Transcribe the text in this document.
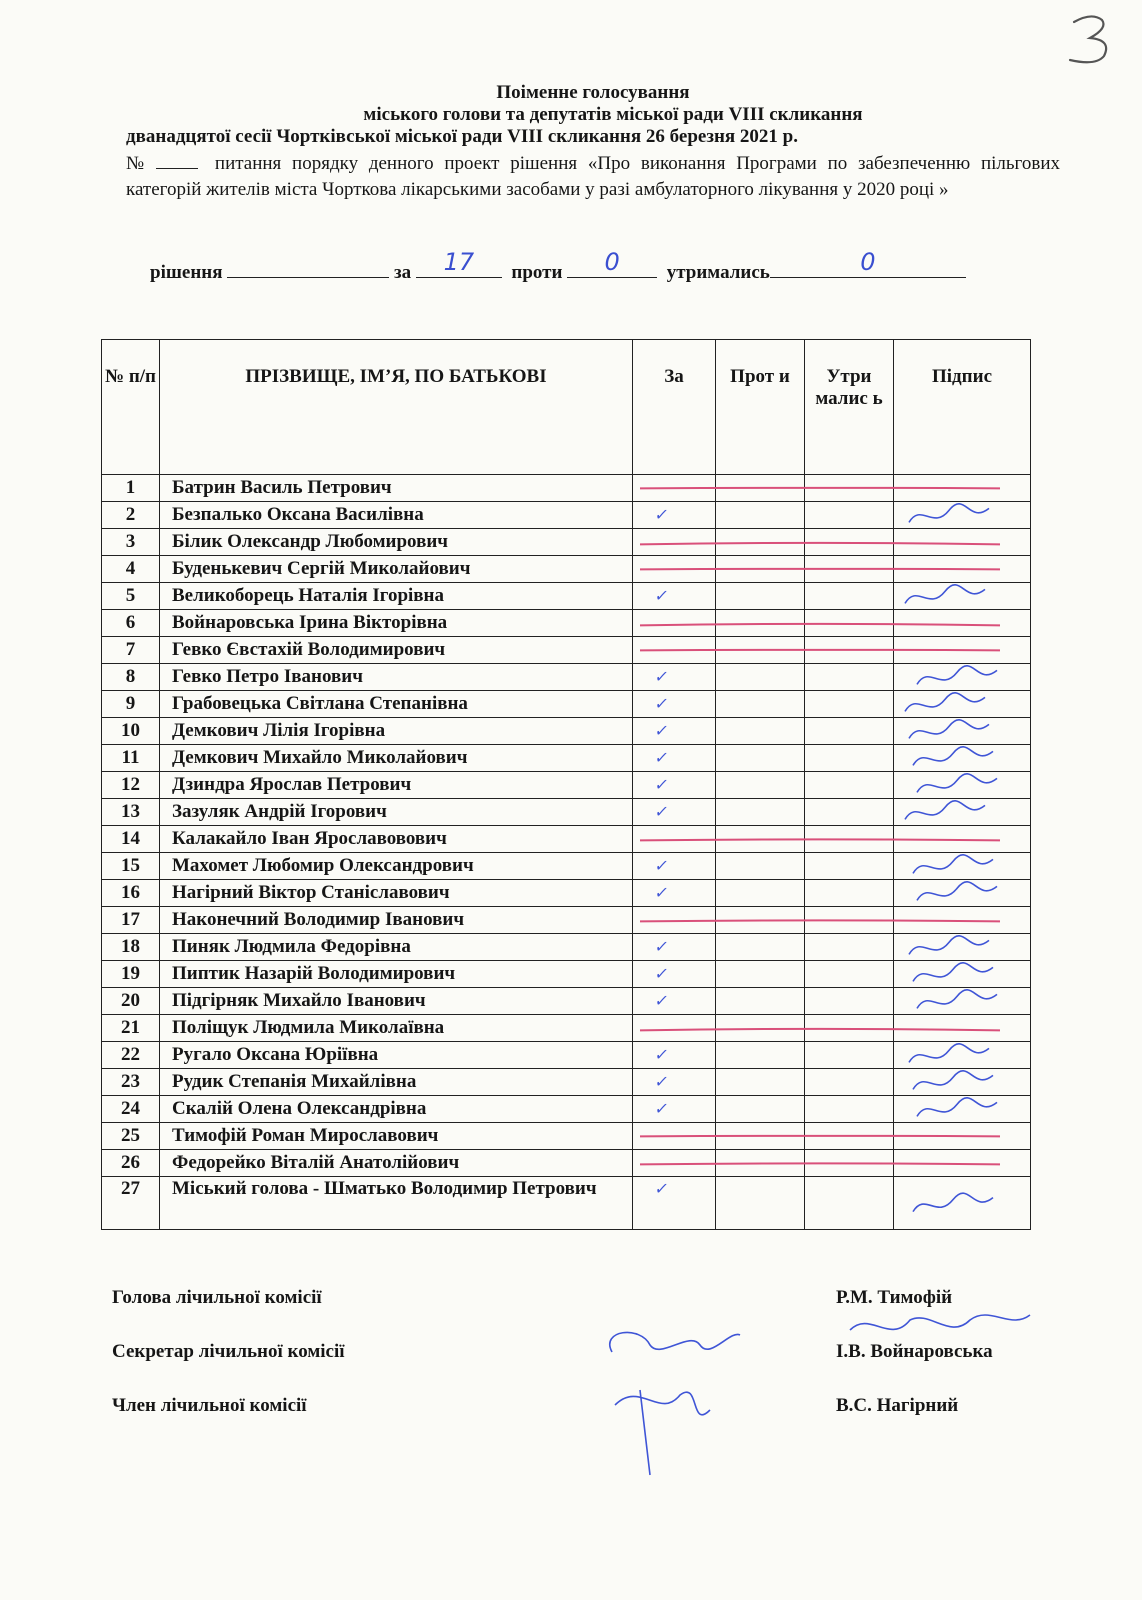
Поіменне голосування
міського голови та депутатів міської ради VIII скликання
дванадцятої сесії Чортківської міської ради VIII скликання 26 березня 2021 р.
№	питання порядку денного проект рішення «Про виконання Програми по забезпеченню пільгових категорій жителів міста Чорткова лікарськими засобами у разі амбулаторного лікування у 2020 році »
рішення	за	17	проти	0	утримались	0
№ п/п	ПРІЗВИЩЕ, ІМ’Я, ПО БАТЬКОВІ	За	Прот и	Утри малис ь	Підпис
1	Батрин Василь Петрович				
2	Безпалько Оксана Василівна	✓			
3	Білик Олександр Любомирович				
4	Буденькевич Сергій Миколайович				
5	Великоборець Наталія Ігорівна	✓			
6	Войнаровська Ірина Вікторівна				
7	Гевко Євстахій Володимирович				
8	Гевко Петро Іванович	✓			
9	Грабовецька Світлана Степанівна	✓			
10	Демкович Лілія Ігорівна	✓			
11	Демкович Михайло Миколайович	✓			
12	Дзиндра Ярослав Петрович	✓			
13	Зазуляк Андрій Ігорович	✓			
14	Калакайло Іван Ярославовович				
15	Махомет Любомир Олександрович	✓			
16	Нагірний Віктор Станіславович	✓			
17	Наконечний Володимир Іванович				
18	Пиняк Людмила Федорівна	✓			
19	Пиптик Назарій Володимирович	✓			
20	Підгірняк Михайло Іванович	✓			
21	Поліщук Людмила Миколаївна				
22	Ругало Оксана Юріївна	✓			
23	Рудик Степанія Михайлівна	✓			
24	Скалій Олена Олександрівна	✓			
25	Тимофій Роман Мирославович				
26	Федорейко Віталій Анатолійович				
27	Міський голова - Шматько Володимир Петрович	✓			
Голова лічильної комісії	Р.М. Тимофій
Секретар лічильної комісії	І.В. Войнаровська
Член лічильної комісії	В.С. Нагірний
